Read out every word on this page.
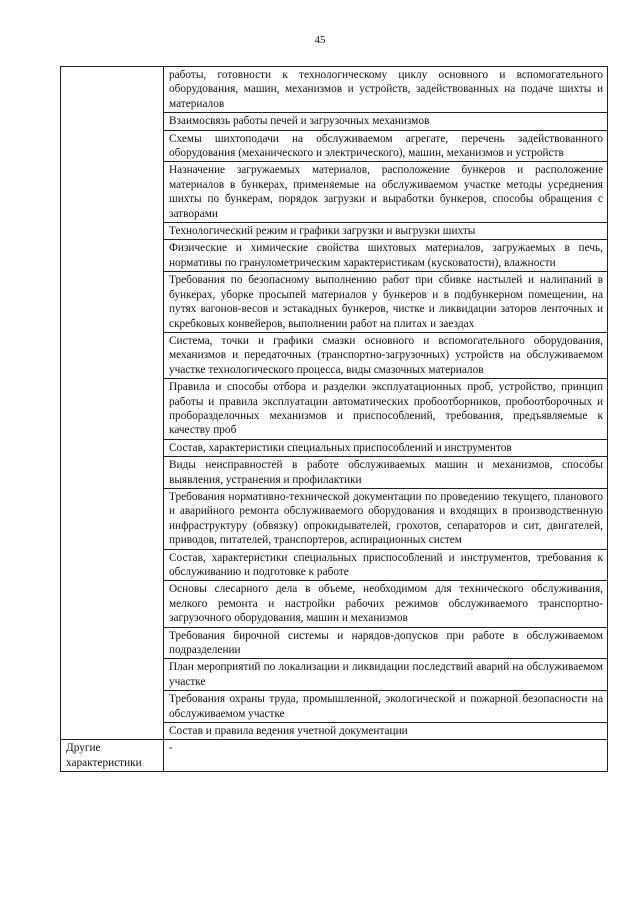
45

	работы, готовности к технологическому циклу основного и вспомогательного оборудования, машин, механизмов и устройств, задействованных на подаче шихты и материалов

	Взаимосвязь работы печей и загрузочных механизмов

	Схемы шихтоподачи на обслуживаемом агрегате, перечень задействованного оборудования (механического и электрического), машин, механизмов и устройств

	Назначение загружаемых материалов, расположение бункеров и расположение материалов в бункерах, применяемые на обслуживаемом участке методы усреднения шихты по бункерам, порядок загрузки и выработки бункеров, способы обращения с затворами

	Технологический режим и графики загрузки и выгрузки шихты

	Физические и химические свойства шихтовых материалов, загружаемых в печь, нормативы по гранулометрическим характеристикам (кусковатости), влажности

	Требования по безопасному выполнению работ при сбивке настылей и налипаний в бункерах, уборке просыпей материалов у бункеров и в подбункерном помещении, на путях вагонов-весов и эстакадных бункеров, чистке и ликвидации заторов ленточных и скребковых конвейеров, выполнении работ на плитах и заездах

	Система, точки и графики смазки основного и вспомогательного оборудования, механизмов и передаточных (транспортно-загрузочных) устройств на обслуживаемом участке технологического процесса, виды смазочных материалов

	Правила и способы отбора и разделки эксплуатационных проб, устройство, принцип работы и правила эксплуатации автоматических пробоотборников, пробоотборочных и проборазделочных механизмов и приспособлений, требования, предъявляемые к качеству проб

	Состав, характеристики специальных приспособлений и инструментов

	Виды неисправностей в работе обслуживаемых машин и механизмов, способы выявления, устранения и профилактики

	Требования нормативно-технической документации по проведению текущего, планового и аварийного ремонта обслуживаемого оборудования и входящих в производственную инфраструктуру (обвязку) опрокидывателей, грохотов, сепараторов и сит, двигателей, приводов, питателей, транспортеров, аспирационных систем

	Состав, характеристики специальных приспособлений и инструментов, требования к обслуживанию и подготовке к работе

	Основы слесарного дела в объеме, необходимом для технического обслуживания, мелкого ремонта и настройки рабочих режимов обслуживаемого транспортно-загрузочного оборудования, машин и механизмов

	Требования бирочной системы и нарядов-допусков при работе в обслуживаемом подразделении

	План мероприятий по локализации и ликвидации последствий аварий на обслуживаемом участке

	Требования охраны труда, промышленной, экологической и пожарной безопасности на обслуживаемом участке

	Состав и правила ведения учетной документации

Другие характеристики	-
